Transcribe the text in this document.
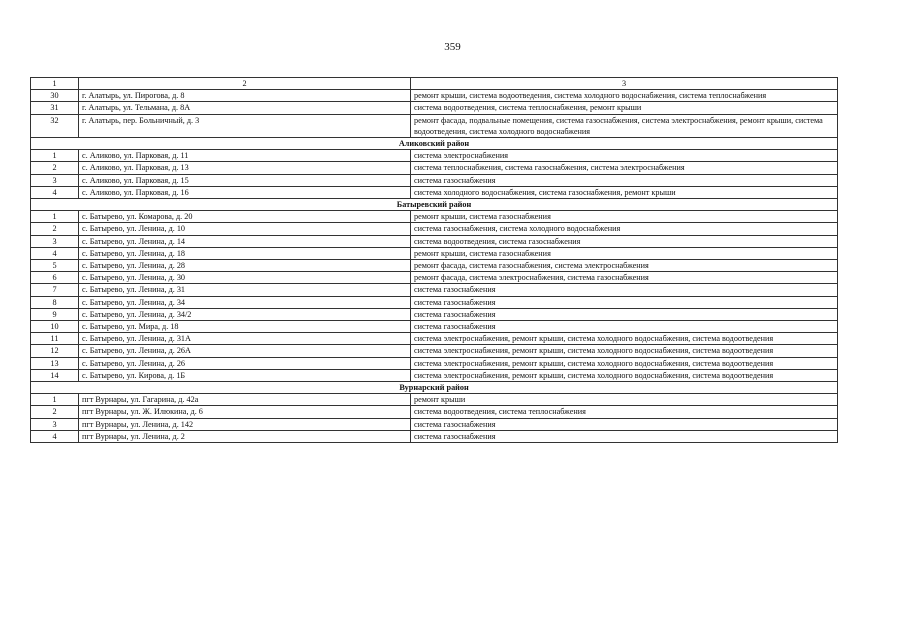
359
1	2	3
30	г. Алатырь, ул. Пирогова, д. 8	ремонт крыши, система водоотведения, система холодного водоснабжения, система теплоснабжения
31	г. Алатырь, ул. Тельмана, д. 8А	система водоотведения, система теплоснабжения, ремонт крыши
32	г. Алатырь, пер. Больничный, д. 3	ремонт фасада, подвальные помещения, система газоснабжения, система электроснабжения, ремонт крыши, система водоотведения, система холодного водоснабжения
Аликовский район		
1	с. Аликово, ул. Парковая, д. 11	система электроснабжения
2	с. Аликово, ул. Парковая, д. 13	система теплоснабжения, система газоснабжения, система электроснабжения
3	с. Аликово, ул. Парковая, д. 15	система газоснабжения
4	с. Аликово, ул. Парковая, д. 16	система холодного водоснабжения, система газоснабжения, ремонт крыши
Батыревский район		
1	с. Батырево, ул. Комарова, д. 20	ремонт крыши, система газоснабжения
2	с. Батырево, ул. Ленина, д. 10	система газоснабжения, система холодного водоснабжения
3	с. Батырево, ул. Ленина, д. 14	система водоотведения, система газоснабжения
4	с. Батырево, ул. Ленина, д. 18	ремонт крыши, система газоснабжения
5	с. Батырево, ул. Ленина, д. 28	ремонт фасада, система газоснабжения, система электроснабжения
6	с. Батырево, ул. Ленина, д. 30	ремонт фасада, система электроснабжения, система газоснабжения
7	с. Батырево, ул. Ленина, д. 31	система газоснабжения
8	с. Батырево, ул. Ленина, д. 34	система газоснабжения
9	с. Батырево, ул. Ленина, д. 34/2	система газоснабжения
10	с. Батырево, ул. Мира, д. 18	система газоснабжения
11	с. Батырево, ул. Ленина, д. 31А	система электроснабжения, ремонт крыши, система холодного водоснабжения, система водоотведения
12	с. Батырево, ул. Ленина, д. 26А	система электроснабжения, ремонт крыши, система холодного водоснабжения, система водоотведения
13	с. Батырево, ул. Ленина, д. 26	система электроснабжения, ремонт крыши, система холодного водоснабжения, система водоотведения
14	с. Батырево, ул. Кирова, д. 1Б	система электроснабжения, ремонт крыши, система холодного водоснабжения, система водоотведения
Вурнарский район		
1	пгт Вурнары, ул. Гагарина, д. 42а	ремонт крыши
2	пгт Вурнары, ул. Ж. Илюкина, д. 6	система водоотведения, система теплоснабжения
3	пгт Вурнары, ул. Ленина, д. 142	система газоснабжения
4	пгт Вурнары, ул. Ленина, д. 2	система газоснабжения
